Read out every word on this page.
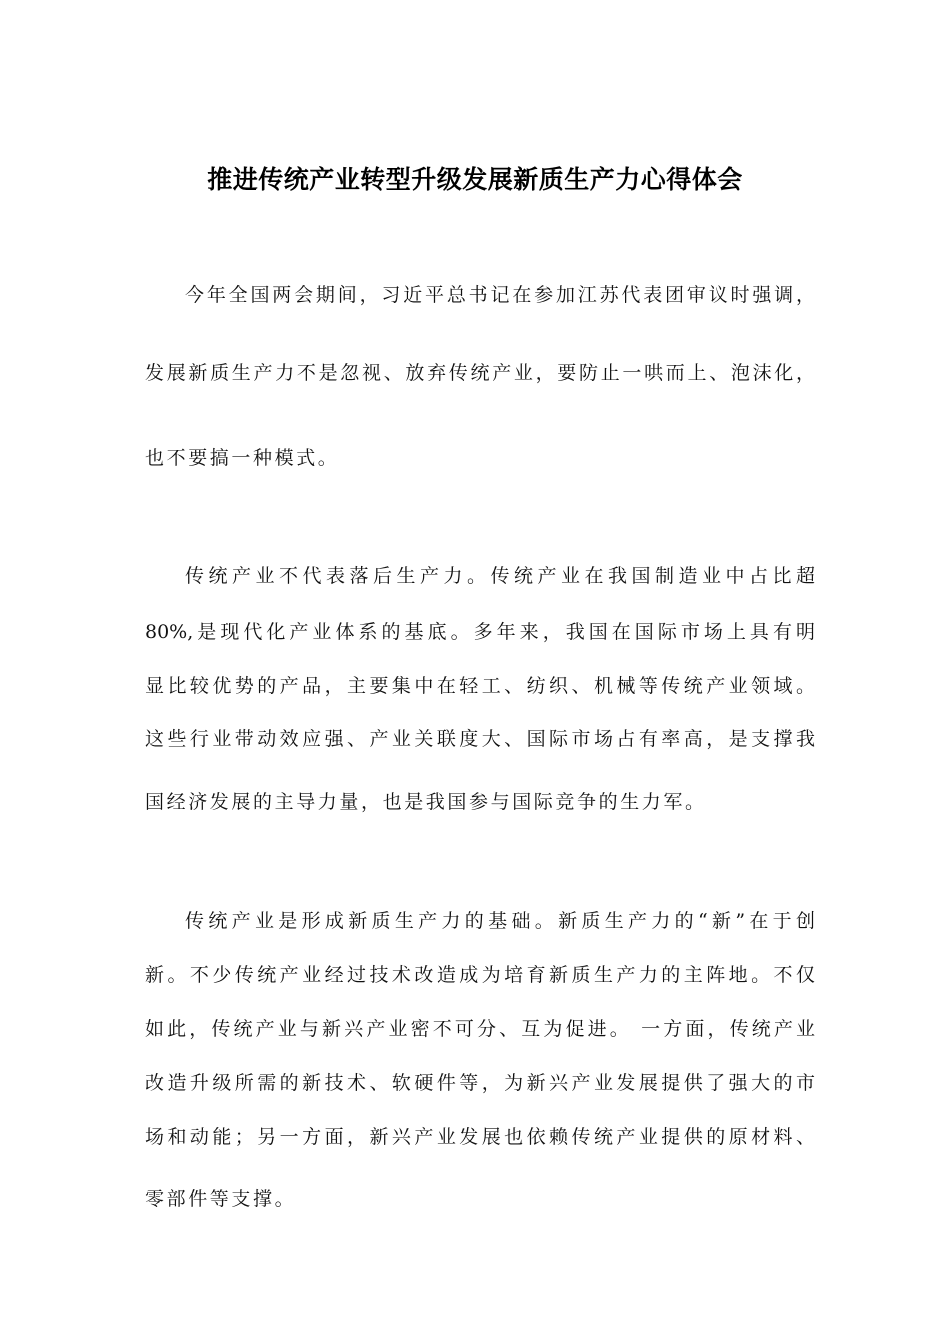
推进传统产业转型升级发展新质生产力心得体会

今年全国两会期间，习近平总书记在参加江苏代表团审议时强调，

发展新质生产力不是忽视、放弃传统产业，要防止一哄而上、泡沫化，

也不要搞一种模式。

传统产业不代表落后生产力。传统产业在我国制造业中占比超

80%,是现代化产业体系的基底。多年来，我国在国际市场上具有明

显比较优势的产品，主要集中在轻工、纺织、机械等传统产业领域。

这些行业带动效应强、产业关联度大、国际市场占有率高，是支撑我

国经济发展的主导力量，也是我国参与国际竞争的生力军。

传统产业是形成新质生产力的基础。新质生产力的“新”在于创

新。不少传统产业经过技术改造成为培育新质生产力的主阵地。不仅

如此，传统产业与新兴产业密不可分、互为促进。 一方面，传统产业

改造升级所需的新技术、软硬件等，为新兴产业发展提供了强大的市

场和动能；另一方面，新兴产业发展也依赖传统产业提供的原材料、

零部件等支撑。
